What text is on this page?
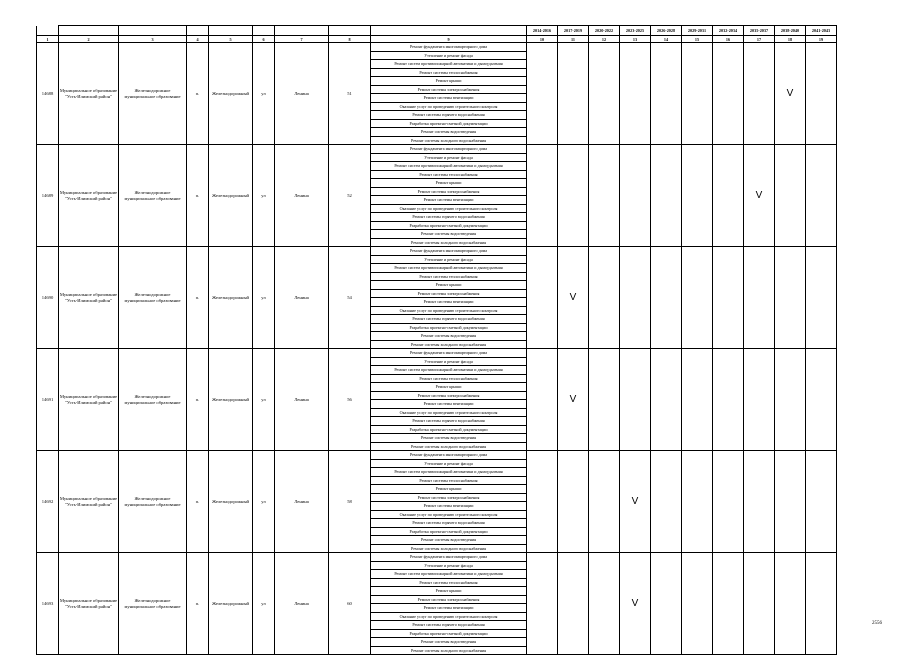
									2014-2016	2017-2019	2020-2022	2023-2025	2026-2028	2029-2031	2032-2034	2035-2037	2038-2040	2041-2043
1	2	3	4	5	6	7	8	9	10	11	12	13	14	15	16	17	18	19

14688	Муниципальное образование "Усть-Илимский район"	Железнодорожное муниципальное образование	п.	Железнодорожный	ул	Ленина	51	Ремонт фундамента многоквартирного дома									V	
								Утепление и ремонт фасада										
								Ремонт систем противопожарной автоматики и дымоудаления										
								Ремонт системы теплоснабжения										
								Ремонт крыши										
								Ремонт системы электроснабжения										
								Ремонт системы вентиляции										
								Оказание услуг по проведению строительного контроля										
								Ремонт системы горячего водоснабжения										
								Разработка проектно-сметной документации										
								Ремонт системы водоотведения										
								Ремонт системы холодного водоснабжения										

14689	Муниципальное образование "Усть-Илимский район"	Железнодорожное муниципальное образование	п.	Железнодорожный	ул	Ленина	52	Ремонт фундамента многоквартирного дома								V		
								Утепление и ремонт фасада										
								Ремонт систем противопожарной автоматики и дымоудаления										
								Ремонт системы теплоснабжения										
								Ремонт крыши										
								Ремонт системы электроснабжения										
								Ремонт системы вентиляции										
								Оказание услуг по проведению строительного контроля										
								Ремонт системы горячего водоснабжения										
								Разработка проектно-сметной документации										
								Ремонт системы водоотведения										
								Ремонт системы холодного водоснабжения										

14690	Муниципальное образование "Усть-Илимский район"	Железнодорожное муниципальное образование	п.	Железнодорожный	ул	Ленина	54	Ремонт фундамента многоквартирного дома		V								
								Утепление и ремонт фасада										
								Ремонт систем противопожарной автоматики и дымоудаления										
								Ремонт системы теплоснабжения										
								Ремонт крыши										
								Ремонт системы электроснабжения										
								Ремонт системы вентиляции										
								Оказание услуг по проведению строительного контроля										
								Ремонт системы горячего водоснабжения										
								Разработка проектно-сметной документации										
								Ремонт системы водоотведения										
								Ремонт системы холодного водоснабжения										

14691	Муниципальное образование "Усть-Илимский район"	Железнодорожное муниципальное образование	п.	Железнодорожный	ул	Ленина	56	Ремонт фундамента многоквартирного дома		V								
								Утепление и ремонт фасада										
								Ремонт систем противопожарной автоматики и дымоудаления										
								Ремонт системы теплоснабжения										
								Ремонт крыши										
								Ремонт системы электроснабжения										
								Ремонт системы вентиляции										
								Оказание услуг по проведению строительного контроля										
								Ремонт системы горячего водоснабжения										
								Разработка проектно-сметной документации										
								Ремонт системы водоотведения										
								Ремонт системы холодного водоснабжения										

14692	Муниципальное образование "Усть-Илимский район"	Железнодорожное муниципальное образование	п.	Железнодорожный	ул	Ленина	58	Ремонт фундамента многоквартирного дома				V						
								Утепление и ремонт фасада										
								Ремонт систем противопожарной автоматики и дымоудаления										
								Ремонт системы теплоснабжения										
								Ремонт крыши										
								Ремонт системы электроснабжения										
								Ремонт системы вентиляции										
								Оказание услуг по проведению строительного контроля										
								Ремонт системы горячего водоснабжения										
								Разработка проектно-сметной документации										
								Ремонт системы водоотведения										
								Ремонт системы холодного водоснабжения										

14693	Муниципальное образование "Усть-Илимский район"	Железнодорожное муниципальное образование	п.	Железнодорожный	ул	Ленина	60	Ремонт фундамента многоквартирного дома				V						
								Утепление и ремонт фасада										
								Ремонт систем противопожарной автоматики и дымоудаления										
								Ремонт системы теплоснабжения										
								Ремонт крыши										
								Ремонт системы электроснабжения										
								Ремонт системы вентиляции										
								Оказание услуг по проведению строительного контроля										
								Ремонт системы горячего водоснабжения										
								Разработка проектно-сметной документации										
								Ремонт системы водоотведения										
								Ремонт системы холодного водоснабжения										
2556
